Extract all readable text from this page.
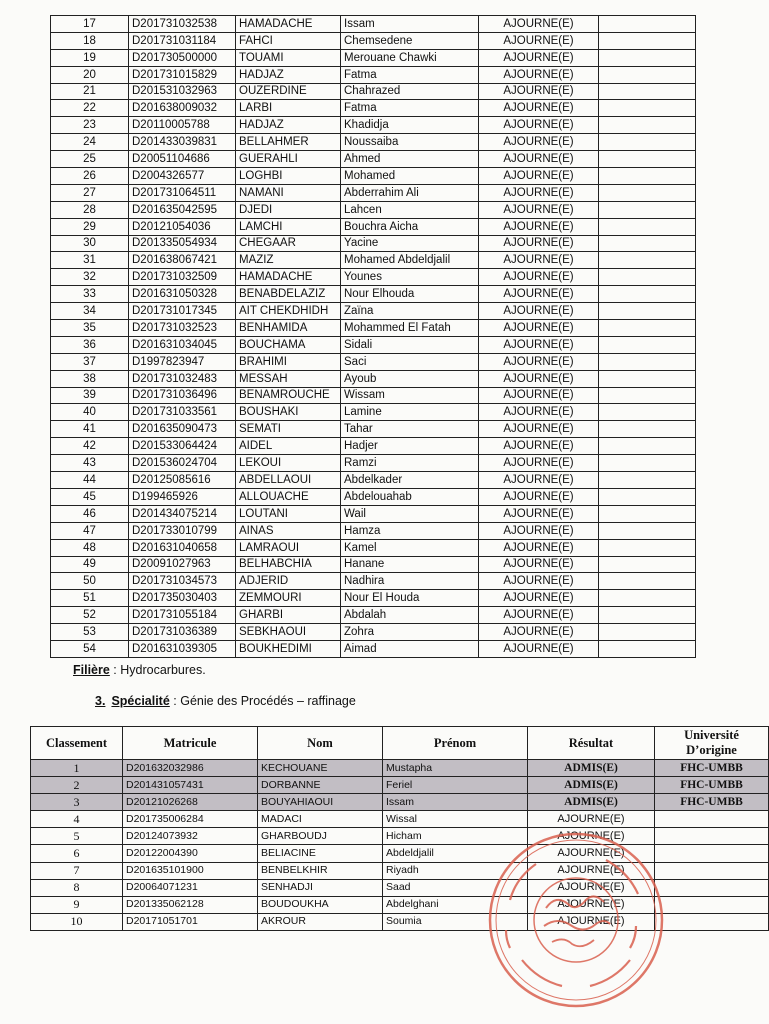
17	D201731032538	HAMADACHE	Issam	AJOURNE(E)	
18	D201731031184	FAHCI	Chemsedene	AJOURNE(E)	
19	D201730500000	TOUAMI	Merouane Chawki	AJOURNE(E)	
20	D201731015829	HADJAZ	Fatma	AJOURNE(E)	
21	D201531032963	OUZERDINE	Chahrazed	AJOURNE(E)	
22	D201638009032	LARBI	Fatma	AJOURNE(E)	
23	D20110005788	HADJAZ	Khadidja	AJOURNE(E)	
24	D201433039831	BELLAHMER	Noussaiba	AJOURNE(E)	
25	D20051104686	GUERAHLI	Ahmed	AJOURNE(E)	
26	D2004326577	LOGHBI	Mohamed	AJOURNE(E)	
27	D201731064511	NAMANI	Abderrahim Ali	AJOURNE(E)	
28	D201635042595	DJEDI	Lahcen	AJOURNE(E)	
29	D20121054036	LAMCHI	Bouchra Aicha	AJOURNE(E)	
30	D201335054934	CHEGAAR	Yacine	AJOURNE(E)	
31	D201638067421	MAZIZ	Mohamed Abdeldjalil	AJOURNE(E)	
32	D201731032509	HAMADACHE	Younes	AJOURNE(E)	
33	D201631050328	BENABDELAZIZ	Nour Elhouda	AJOURNE(E)	
34	D201731017345	AIT CHEKDHIDH	Zaïna	AJOURNE(E)	
35	D201731032523	BENHAMIDA	Mohammed El Fatah	AJOURNE(E)	
36	D201631034045	BOUCHAMA	Sidali	AJOURNE(E)	
37	D1997823947	BRAHIMI	Saci	AJOURNE(E)	
38	D201731032483	MESSAH	Ayoub	AJOURNE(E)	
39	D201731036496	BENAMROUCHE	Wissam	AJOURNE(E)	
40	D201731033561	BOUSHAKI	Lamine	AJOURNE(E)	
41	D201635090473	SEMATI	Tahar	AJOURNE(E)	
42	D201533064424	AIDEL	Hadjer	AJOURNE(E)	
43	D201536024704	LEKOUI	Ramzi	AJOURNE(E)	
44	D20125085616	ABDELLAOUI	Abdelkader	AJOURNE(E)	
45	D199465926	ALLOUACHE	Abdelouahab	AJOURNE(E)	
46	D201434075214	LOUTANI	Wail	AJOURNE(E)	
47	D201733010799	AINAS	Hamza	AJOURNE(E)	
48	D201631040658	LAMRAOUI	Kamel	AJOURNE(E)	
49	D20091027963	BELHABCHIA	Hanane	AJOURNE(E)	
50	D201731034573	ADJERID	Nadhira	AJOURNE(E)	
51	D201735030403	ZEMMOURI	Nour El Houda	AJOURNE(E)	
52	D201731055184	GHARBI	Abdalah	AJOURNE(E)	
53	D201731036389	SEBKHAOUI	Zohra	AJOURNE(E)	
54	D201631039305	BOUKHEDIMI	Aimad	AJOURNE(E)	
Filière : Hydrocarbures.
3. Spécialité : Génie des Procédés – raffinage
Classement	Matricule	Nom	Prénom	Résultat	Université
D’origine
1	D201632032986	KECHOUANE	Mustapha	ADMIS(E)	FHC-UMBB
2	D201431057431	DORBANNE	Feriel	ADMIS(E)	FHC-UMBB
3	D20121026268	BOUYAHIAOUI	Issam	ADMIS(E)	FHC-UMBB
4	D201735006284	MADACI	Wissal	AJOURNE(E)	
5	D20124073932	GHARBOUDJ	Hicham	AJOURNE(E)	
6	D20122004390	BELIACINE	Abdeldjalil	AJOURNE(E)	
7	D201635101900	BENBELKHIR	Riyadh	AJOURNE(E)	
8	D20064071231	SENHADJI	Saad	AJOURNE(E)	
9	D201335062128	BOUDOUKHA	Abdelghani	AJOURNE(E)	
10	D20171051701	AKROUR	Soumia	AJOURNE(E)	
